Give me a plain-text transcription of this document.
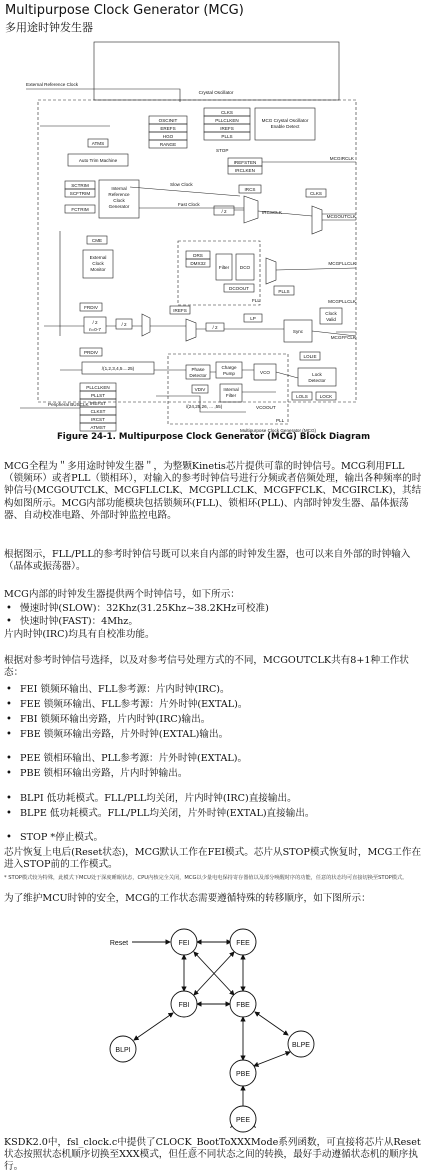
Multipurpose Clock Generator (MCG)
多用途时钟发生器
Crystal Oscillator
External Reference Clock
OSCINIT
EREFS
HGO
RANGE
CLKS
PLLCLKEN
IREFS
PLLS
MCG Crystal Oscillator
Enable Detect
STOP
ATMS
Auto Trim Machine
SCTRIM
SCFTRIM
FCTRIM
Internal
Reference
Clock
Generator
Slow Clock
Fast Clock
/ 2
IREFSTEN
IRCLKEN
MCGIRCLK
IRCS
IRCSCLK
CLKS
MCGOUTCLK
MCGFLLCLK
CME
External
Clock
Monitor
DRS
DMX32
Filter DCO
DCOOUT
FLL
PLLS
FRDIV
/ 2
n=0-7
/ 2
IREFS
/ 2
LP
Sync
Clock
Valid
MCGPLLCLK
MCGFFCLK
PRDIV
/(1,2,3,4,5....25)
PLLCLKEN
PLLST
IREFST
CLKST
IRCST
ATMST
Phase
Detector
Charge
Pump
VDIV	Internal
Filter
VCO
/(24,25,26, ... ,55)	VCOOUT
PLL
LOLIE
Lock
Detector
LOLS	LOCK
Peripheral BUSCLK
Multipurpose Clock Generator (MCG)
Figure 24-1. Multipurpose Clock Generator (MCG) Block Diagram
MCG全程为＂多用途时钟发生器＂，为整颗Kinetis芯片提供可靠的时钟信号。MCG利用FLL（锁频环）或者PLL（锁相环），对输入的参考时钟信号进行分频或者倍频处理，输出各种频率的时钟信号(MCGOUTCLK、MCGFLLCLK、MCGPLLCLK、MCGFFCLK、MCGIRCLK)，其结构如图所示。MCG内部功能模块包括锁频环(FLL)、锁相环(PLL)、内部时钟发生器、晶体振荡器、自动校准电路、外部时钟监控电路。
根据图示，FLL/PLL的参考时钟信号既可以来自内部的时钟发生器，也可以来自外部的时钟输入（晶体或振荡器）。
MCG内部的时钟发生器提供两个时钟信号，如下所示：
• 慢速时钟(SLOW)：32Khz(31.25Khz~38.2KHz可校准)
• 快速时钟(FAST)：4Mhz。
片内时钟(IRC)均具有自校准功能。
根据对参考时钟信号选择，以及对参考信号处理方式的不同，MCGOUTCLK共有8+1种工作状态：
• FEI 锁频环输出、FLL参考源：片内时钟(IRC)。
• FEE 锁频环输出、FLL参考源：片外时钟(EXTAL)。
• FBI 锁频环输出旁路，片内时钟(IRC)输出。
• FBE 锁频环输出旁路，片外时钟(EXTAL)输出。
• PEE 锁相环输出、PLL参考源：片外时钟(EXTAL)。
• PBE 锁相环输出旁路，片内时钟输出。
• BLPI 低功耗模式。FLL/PLL均关闭，片内时钟(IRC)直接输出。
• BLPE 低功耗模式。FLL/PLL均关闭，片外时钟(EXTAL)直接输出。
• STOP *停止模式。
芯片恢复上电后(Reset状态)，MCG默认工作在FEI模式。芯片从STOP模式恢复时，MCG工作在进入STOP前的工作模式。
* STOP模式较为特殊，此模式下MCU处于深度睡眠状态，CPU内核完全关闭，MCG以少量电电保持寄存器值以及部分唤醒时序的功能，任意的状态均可直接切换至STOP模式。
为了维护MCU时钟的安全，MCG的工作状态需要遵循特殊的转移顺序，如下图所示：
Reset	FEI	FEE
FBI	FBE
BLPI
BLPE
PBE
PEE
KSDK2.0中，fsl_clock.c中提供了CLOCK_BootToXXXMode系列函数，可直接将芯片从Reset状态按照状态机顺序切换至XXX模式，但任意不同状态之间的转换，最好手动遵循状态机的顺序执行。
